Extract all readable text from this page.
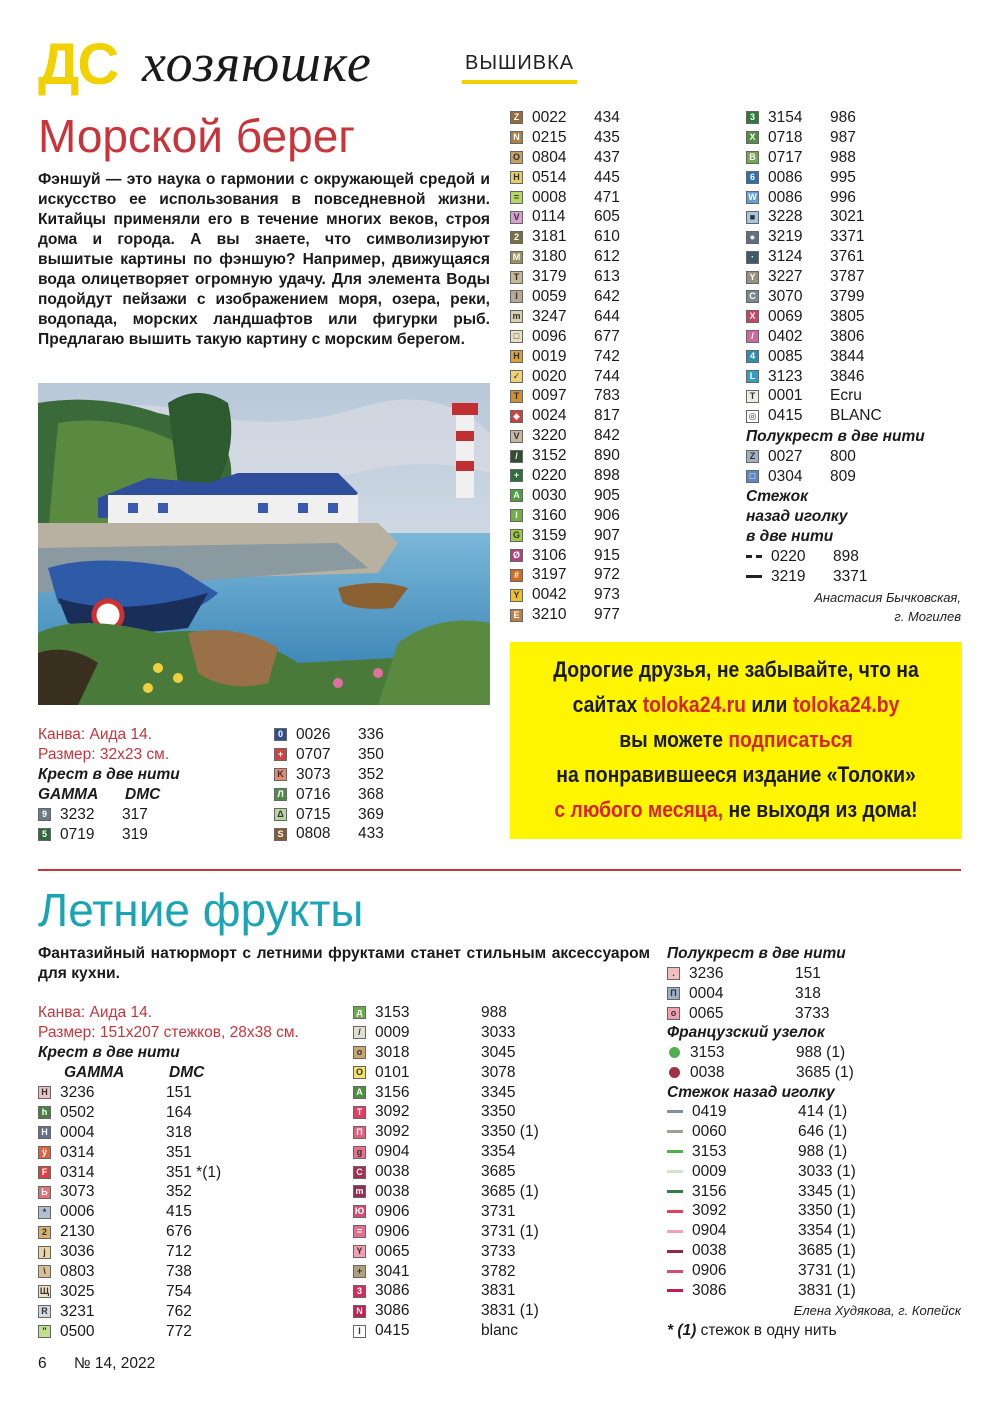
ДС хозяюшке	ВЫШИВКА
Морской берег
Фэншуй — это наука о гармонии с окружающей средой и искусство ее использования в повседневной жизни. Китайцы применяли его в течение многих веков, строя дома и города. А вы знаете, что символизируют вышитые картины по фэншую? Например, движущаяся вода олицетворяет огромную удачу. Для элемента Воды подойдут пейзажи с изображением моря, озера, реки, водопада, морских ландшафтов или фигурки рыб. Предлагаю вышить такую картину с морским берегом.
Канва: Аида 14.
Размер: 32х23 см.
Крест в две нити
GAMMA DMC
9 3232	317
5 0719	319
0 0026	336
+ 0707	350
K 3073	352
Л 0716	368
Δ 0715	369
S 0808	433
Z 0022	434
N 0215	435
O 0804	437
H 0514	445
= 0008	471
V 0114	605
2 3181	610
M 3180	612
T 3179	613
I 0059	642
m 3247	644
□ 0096	677
H 0019	742
✓ 0020	744
T 0097	783
◆ 0024	817
V 3220	842
/ 3152	890
+ 0220	898
A 0030	905
I 3160	906
G 3159	907
Ø 3106	915
# 3197	972
Y 0042	973
E 3210	977
3 3154	986
X 0718	987
B 0717	988
6 0086	995
W 0086	996
■ 3228	3021
● 3219	3371
· 3124	3761
Y 3227	3787
C 3070	3799
X 0069	3805
/ 0402	3806
4 0085	3844
L 3123	3846
T 0001	Ecru
◎ 0415	BLANC
Полукрест в две нити
Z 0027	800
□ 0304	809
Стежок
назад иголку
в две нити
0220	898
3219	3371
Анастасия Бычковская,
г. Могилев
Дорогие друзья, не забывайте, что на
сайтах toloka24.ru или toloka24.by
вы можете подписаться
на понравившееся издание «Толоки»
с любого месяца, не выходя из дома!
Летние фрукты
Фантазийный натюрморт с летними фруктами станет стильным аксессуаром для кухни.
Канва: Аида 14.
Размер: 151х207 стежков, 28х38 см.
Крест в две нити
GAMMA	DMC
H 3236	151
h 0502	164
H 0004	318
ÿ 0314	351
F 0314	351 *(1)
Ь 3073	352
* 0006	415
2 2130	676
j 3036	712
\ 0803	738
Щ 3025	754
R 3231	762
" 0500	772
д 3153	988
/ 0009	3033
o 3018	3045
O 0101	3078
A 3156	3345
T 3092	3350
П 3092	3350 (1)
g 0904	3354
C 0038	3685
m 0038	3685 (1)
Ю 0906	3731
= 0906	3731 (1)
Y 0065	3733
+ 3041	3782
3 3086	3831
N 3086	3831 (1)
I 0415	blanc
Полукрест в две нити
. 3236	151
П 0004	318
o 0065	3733
Французский узелок
3153	988 (1)
0038	3685 (1)
Стежок назад иголку
0419	414 (1)
0060	646 (1)
3153	988 (1)
0009	3033 (1)
3156	3345 (1)
3092	3350 (1)
0904	3354 (1)
0038	3685 (1)
0906	3731 (1)
3086	3831 (1)
Елена Худякова, г. Копейск
* (1) стежок в одну нить
6 № 14, 2022
